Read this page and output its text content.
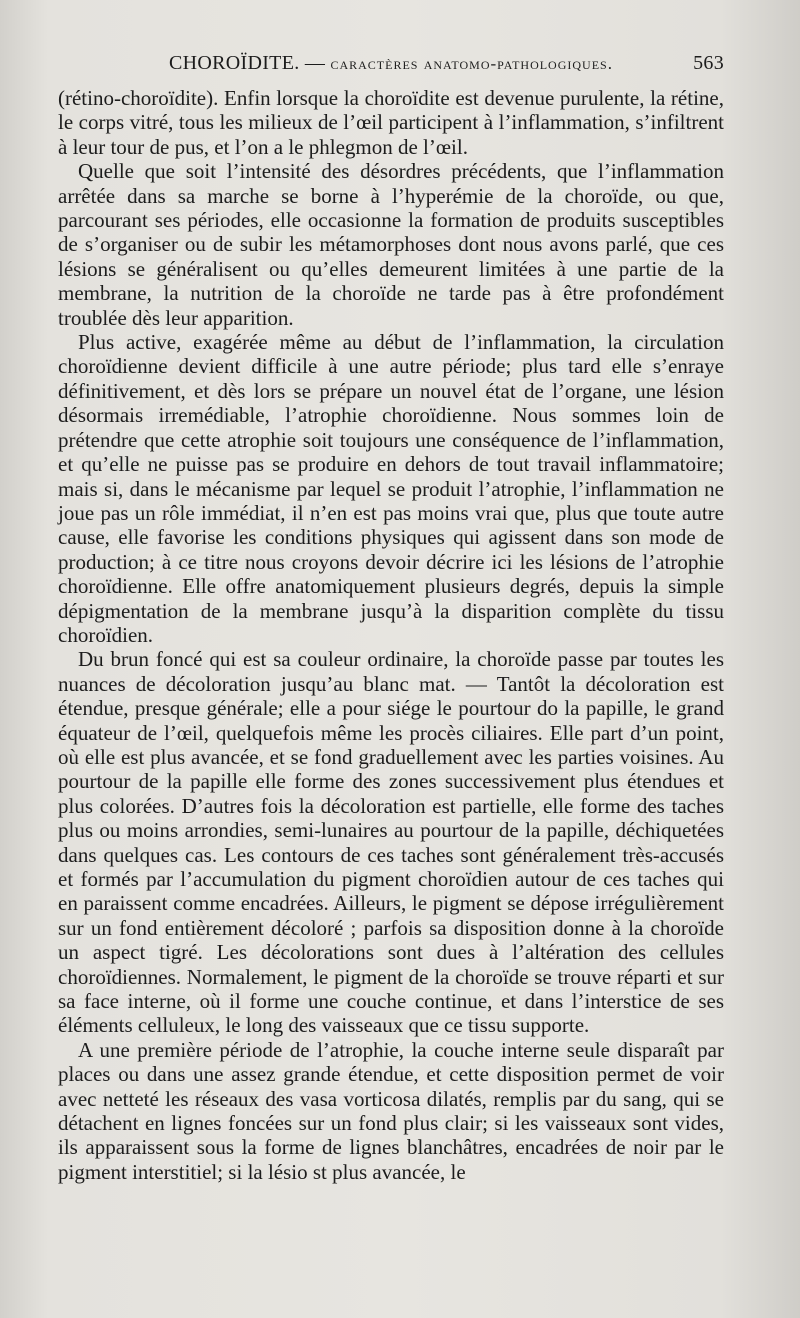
CHOROÏDITE. — caractères anatomo-pathologiques.	563

(rétino-choroïdite). Enfin lorsque la choroïdite est devenue purulente, la rétine, le corps vitré, tous les milieux de l’œil participent à l’inflammation, s’infiltrent à leur tour de pus, et l’on a le phlegmon de l’œil.

Quelle que soit l’intensité des désordres précédents, que l’inflammation arrêtée dans sa marche se borne à l’hyperémie de la choroïde, ou que, parcourant ses périodes, elle occasionne la formation de produits susceptibles de s’organiser ou de subir les métamorphoses dont nous avons parlé, que ces lésions se généralisent ou qu’elles demeurent limitées à une partie de la membrane, la nutrition de la choroïde ne tarde pas à être profondément troublée dès leur apparition.

Plus active, exagérée même au début de l’inflammation, la circulation choroïdienne devient difficile à une autre période; plus tard elle s’enraye définitivement, et dès lors se prépare un nouvel état de l’organe, une lésion désormais irremédiable, l’atrophie choroïdienne. Nous sommes loin de prétendre que cette atrophie soit toujours une conséquence de l’inflammation, et qu’elle ne puisse pas se produire en dehors de tout travail inflammatoire; mais si, dans le mécanisme par lequel se produit l’atrophie, l’inflammation ne joue pas un rôle immédiat, il n’en est pas moins vrai que, plus que toute autre cause, elle favorise les conditions physiques qui agissent dans son mode de production; à ce titre nous croyons devoir décrire ici les lésions de l’atrophie choroïdienne. Elle offre anatomiquement plusieurs degrés, depuis la simple dépigmentation de la membrane jusqu’à la disparition complète du tissu choroïdien.

Du brun foncé qui est sa couleur ordinaire, la choroïde passe par toutes les nuances de décoloration jusqu’au blanc mat. — Tantôt la décoloration est étendue, presque générale; elle a pour siége le pourtour do la papille, le grand équateur de l’œil, quelquefois même les procès ciliaires. Elle part d’un point, où elle est plus avancée, et se fond graduellement avec les parties voisines. Au pourtour de la papille elle forme des zones successivement plus étendues et plus colorées. D’autres fois la décoloration est partielle, elle forme des taches plus ou moins arrondies, semi-lunaires au pourtour de la papille, déchiquetées dans quelques cas. Les contours de ces taches sont généralement très-accusés et formés par l’accumulation du pigment choroïdien autour de ces taches qui en paraissent comme encadrées. Ailleurs, le pigment se dépose irrégulièrement sur un fond entièrement décoloré ; parfois sa disposition donne à la choroïde un aspect tigré. Les décolorations sont dues à l’altération des cellules choroïdiennes. Normalement, le pigment de la choroïde se trouve réparti et sur sa face interne, où il forme une couche continue, et dans l’interstice de ses éléments celluleux, le long des vaisseaux que ce tissu supporte.

A une première période de l’atrophie, la couche interne seule disparaît par places ou dans une assez grande étendue, et cette disposition permet de voir avec netteté les réseaux des vasa vorticosa dilatés, remplis par du sang, qui se détachent en lignes foncées sur un fond plus clair; si les vaisseaux sont vides, ils apparaissent sous la forme de lignes blanchâtres, encadrées de noir par le pigment interstitiel; si la lésio st plus avancée, le
